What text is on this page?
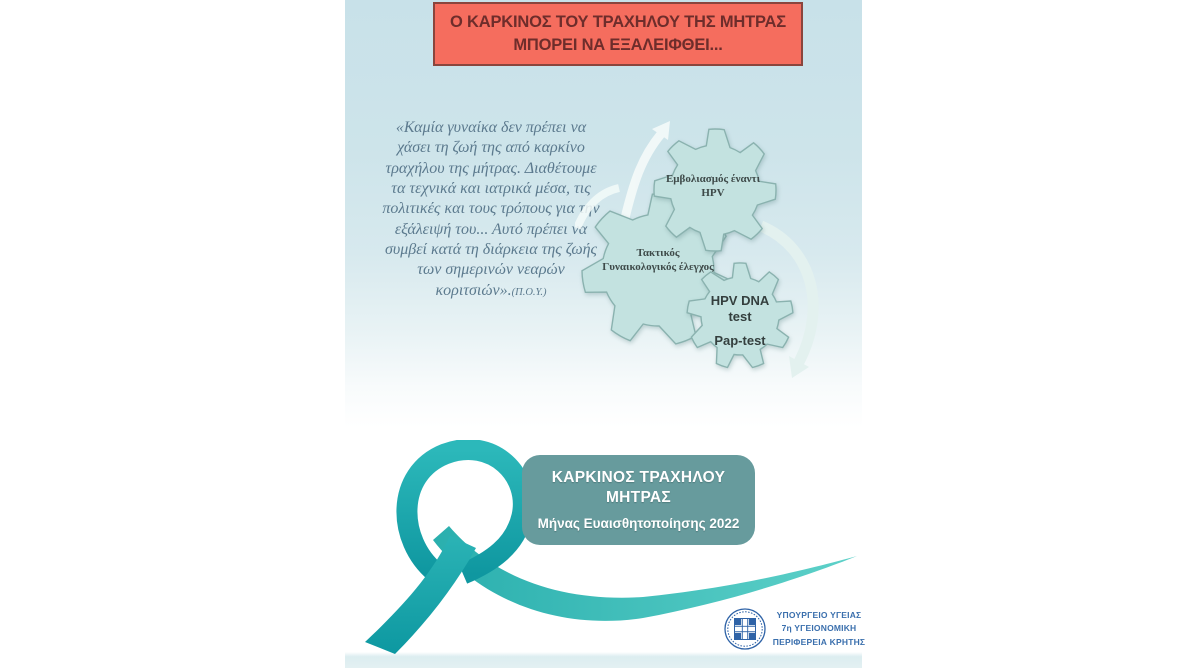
Ο ΚΑΡΚΙΝΟΣ ΤΟΥ ΤΡΑΧΗΛΟΥ ΤΗΣ ΜΗΤΡΑΣ
ΜΠΟΡΕΙ ΝΑ ΕΞΑΛΕΙΦΘΕΙ...
«Καμία γυναίκα δεν πρέπει να χάσει τη ζωή της από καρκίνο τραχήλου της μήτρας. Διαθέτουμε τα τεχνικά και ιατρικά μέσα, τις πολιτικές και τους τρόπους για την εξάλειψή του... Αυτό πρέπει να συμβεί κατά τη διάρκεια της ζωής των σημερινών νεαρών κοριτσιών».(Π.Ο.Υ.)
Εμβολιασμός έναντι HPV
Τακτικός Γυναικολογικός έλεγχος
HPV DNA test
Pap-test
ΚΑΡΚΙΝΟΣ ΤΡΑΧΗΛΟΥ
ΜΗΤΡΑΣ
Μήνας Ευαισθητοποίησης 2022
ΥΠΟΥΡΓΕΙΟ ΥΓΕΙΑΣ
7η ΥΓΕΙΟΝΟΜΙΚΗ
ΠΕΡΙΦΕΡΕΙΑ ΚΡΗΤΗΣ
